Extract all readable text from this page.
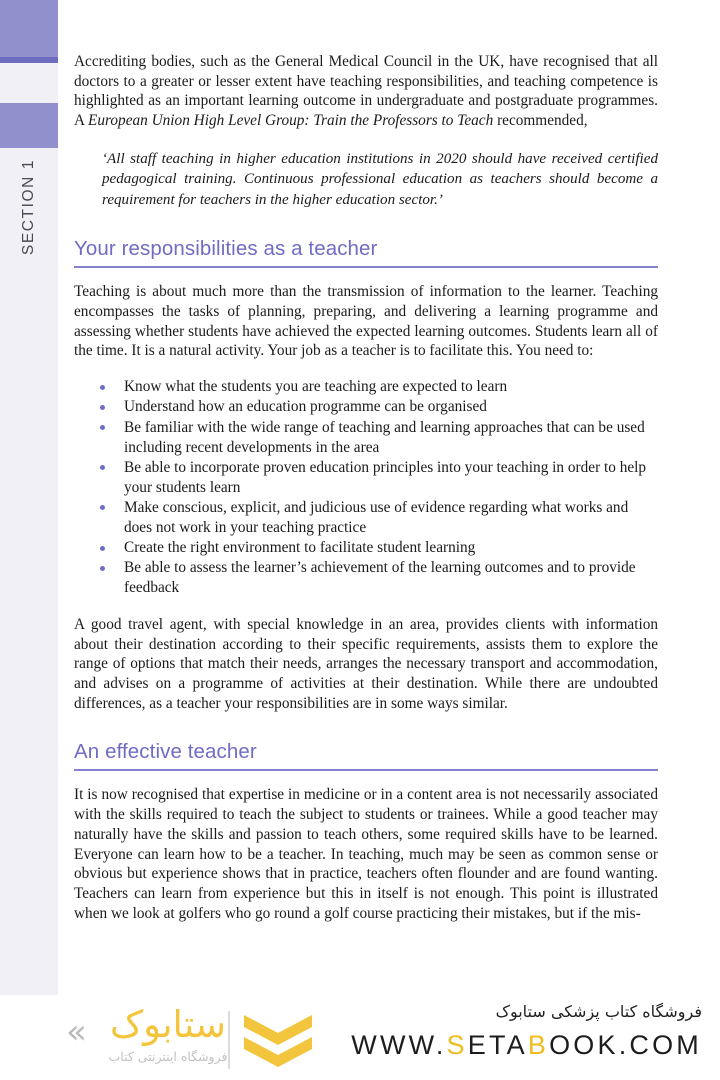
SECTION 1

Accrediting bodies, such as the General Medical Council in the UK, have recognised that all doctors to a greater or lesser extent have teaching responsibilities, and teaching competence is highlighted as an important learning outcome in undergraduate and postgraduate programmes. A European Union High Level Group: Train the Professors to Teach recommended,

‘All staff teaching in higher education institutions in 2020 should have received certified pedagogical training. Continuous professional education as teachers should become a requirement for teachers in the higher education sector.’
Your responsibilities as a teacher

Teaching is about much more than the transmission of information to the learner. Teaching encompasses the tasks of planning, preparing, and delivering a learning programme and assessing whether students have achieved the expected learning outcomes. Students learn all of the time. It is a natural activity. Your job as a teacher is to facilitate this. You need to:

Know what the students you are teaching are expected to learn
Understand how an education programme can be organised
Be familiar with the wide range of teaching and learning approaches that can be used including recent developments in the area
Be able to incorporate proven education principles into your teaching in order to help your students learn
Make conscious, explicit, and judicious use of evidence regarding what works and does not work in your teaching practice
Create the right environment to facilitate student learning
Be able to assess the learner’s achievement of the learning outcomes and to provide feedback

A good travel agent, with special knowledge in an area, provides clients with information about their destination according to their specific requirements, assists them to explore the range of options that match their needs, arranges the necessary transport and accommodation, and advises on a programme of activities at their destination. While there are undoubted differences, as a teacher your responsibilities are in some ways similar.

An effective teacher

It is now recognised that expertise in medicine or in a content area is not necessarily associated with the skills required to teach the subject to students or trainees. While a good teacher may naturally have the skills and passion to teach others, some required skills have to be learned. Everyone can learn how to be a teacher. In teaching, much may be seen as common sense or obvious but experience shows that in practice, teachers often flounder and are found wanting. Teachers can learn from experience but this in itself is not enough. This point is illustrated when we look at golfers who go round a golf course practicing their mistakes, but if the mis-

ستابوک
«
فروشگاه اینترنتی کتاب
فروشگاه کتاب پزشکی ستابوک
WWW.SETABOOK.COM
